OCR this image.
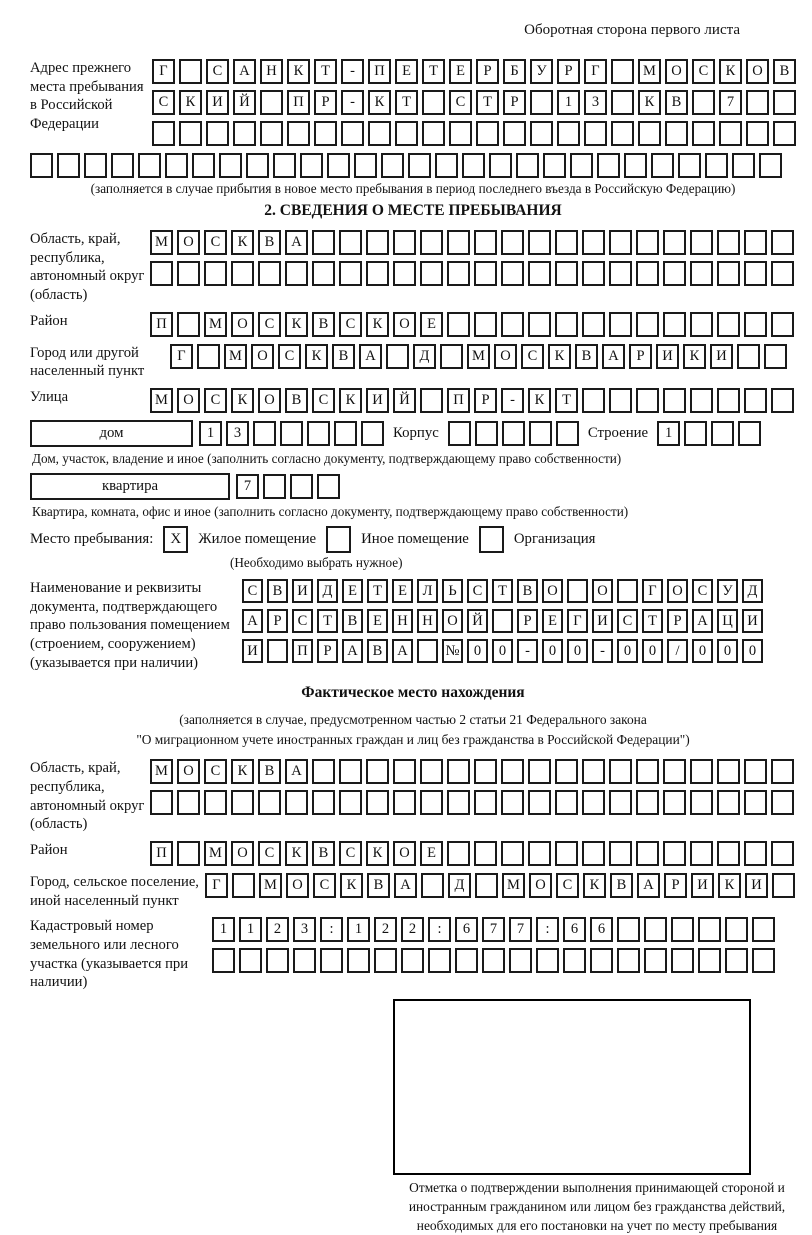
Оборотная сторона первого листа
Адрес прежнего места пребывания в Российской Федерации
Г	С	А	Н	К	Т	-	П	Е	Т	Е	Р	Б	У	Р	Г	М	О	С	К	О	В
С	К	И	Й	П	Р	-	К	Т	С	Т	Р	1	3	К	В	7
(заполняется в случае прибытия в новое место пребывания в период последнего въезда в Российскую Федерацию)
2. СВЕДЕНИЯ О МЕСТЕ ПРЕБЫВАНИЯ
Область, край, республика, автономный округ (область)
М	О	С	К	В	А
Район	П	М	О	С	К	В	С	К	О	Е
Город или другой населенный пункт
Г	М	О	С	К	В	А	Д	М	О	С	К	В	А	Р	И	К	И
Улица	М	О	С	К	О	В	С	К	И	Й	П	Р	-	К	Т
дом	1	3	Корпус	Строение	1
Дом, участок, владение и иное (заполнить согласно документу, подтверждающему право собственности)
квартира	7
Квартира, комната, офис и иное (заполнить согласно документу, подтверждающему право собственности)
Место пребывания:	X	Жилое помещение	Иное помещение	Организация
(Необходимо выбрать нужное)
Наименование и реквизиты документа, подтверждающего право пользования помещением (строением, сооружением) (указывается при наличии)
С	В	И	Д	Е	Т	Е	Л	Ь	С	Т	В	О	О	Г	О	С	У	Д
А	Р	С	Т	В	Е	Н	Н	О	Й	Р	Е	Г	И	С	Т	Р	А	Ц	И
И	П	Р	А	В	А	№ 0	0	-	0	0	-	0	0	/	0	0	0
Фактическое место нахождения
(заполняется в случае, предусмотренном частью 2 статьи 21 Федерального закона
"О миграционном учете иностранных граждан и лиц без гражданства в Российской Федерации")
Область, край, республика, автономный округ (область)
М	О	С	К	В	А
Район	П	М	О	С	К	В	С	К	О	Е
Город, сельское поселение, иной населенный пункт
Г	М	О	С	К	В	А	Д	М	О	С	К	В	А	Р	И	К	И
Кадастровый номер земельного или лесного участка (указывается при наличии)
1	1	2	3	:	1	2	2	:	6	7	7	:	6	6
Отметка о подтверждении выполнения принимающей стороной и иностранным гражданином или лицом без гражданства действий, необходимых для его постановки на учет по месту пребывания
